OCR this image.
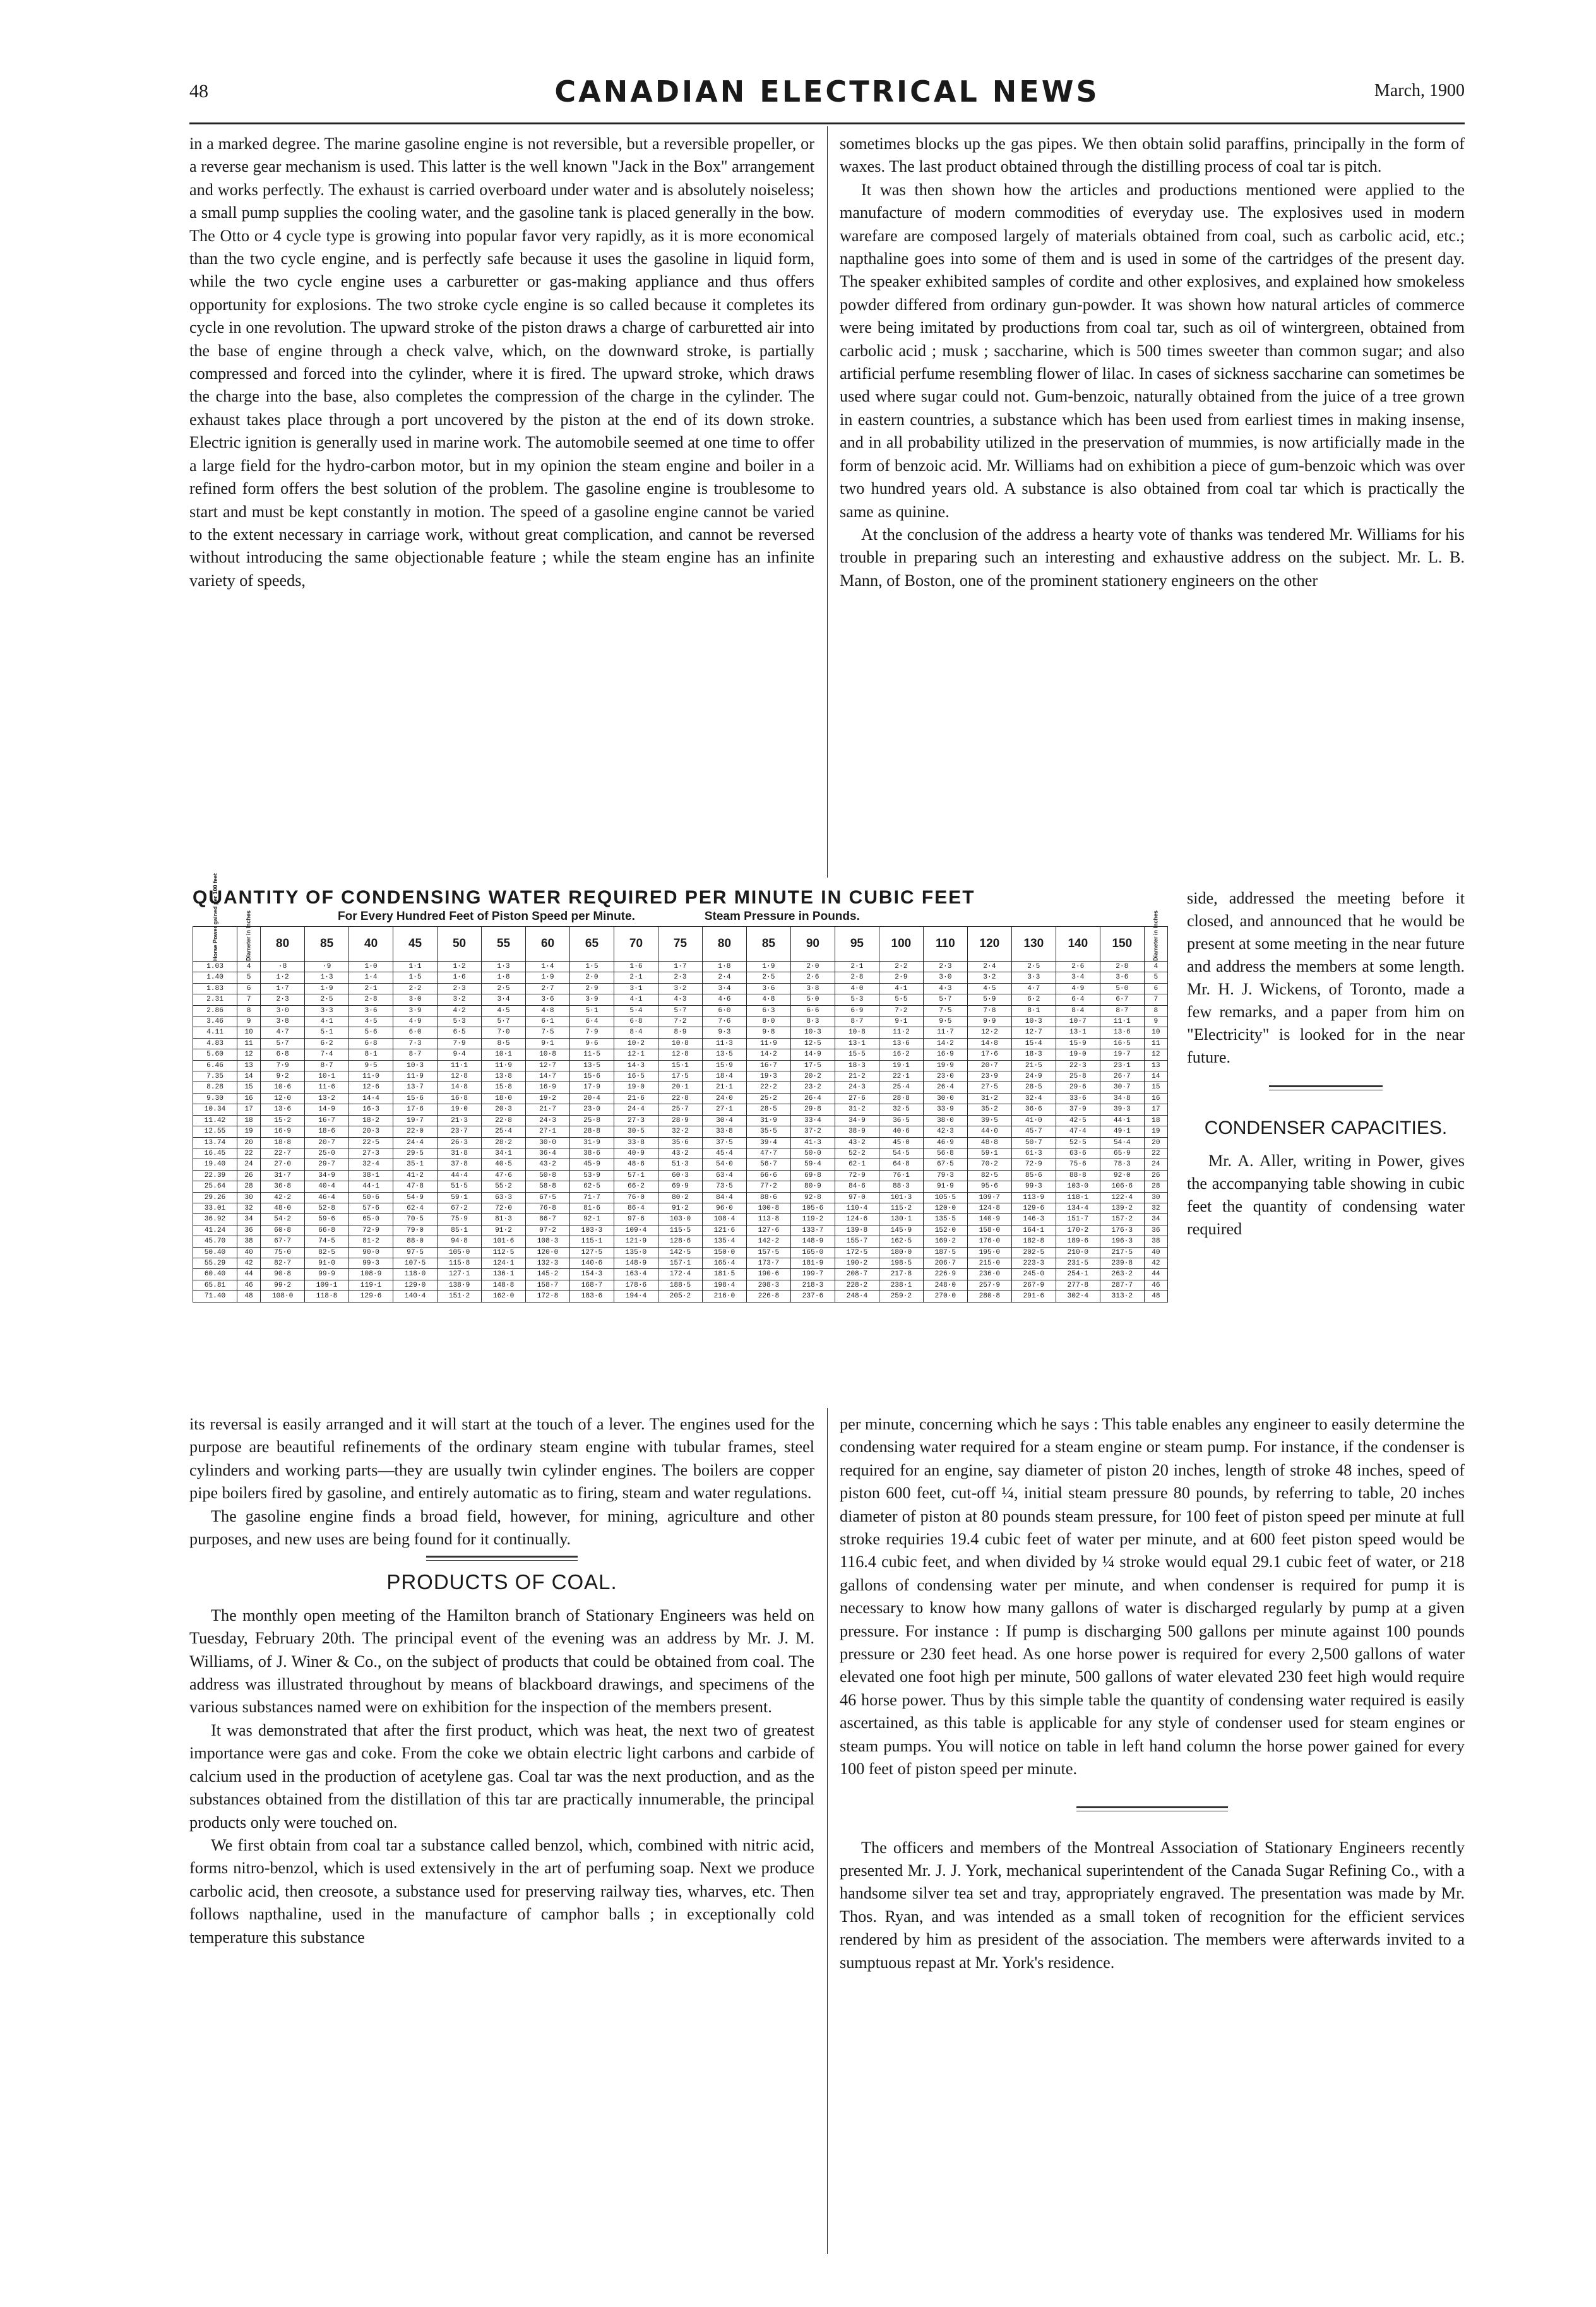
48	CANADIAN ELECTRICAL NEWS	March, 1900

in a marked degree. The marine gasoline engine is not reversible, but a reversible propeller, or a reverse gear mechanism is used. This latter is the well known "Jack in the Box" arrangement and works perfectly. The exhaust is carried overboard under water and is absolutely noiseless; a small pump supplies the cooling water, and the gasoline tank is placed generally in the bow. The Otto or 4 cycle type is growing into popular favor very rapidly, as it is more economical than the two cycle engine, and is perfectly safe because it uses the gasoline in liquid form, while the two cycle engine uses a carburetter or gas-making appliance and thus offers opportunity for explosions. The two stroke cycle engine is so called because it completes its cycle in one revolution. The upward stroke of the piston draws a charge of carburetted air into the base of engine through a check valve, which, on the downward stroke, is partially compressed and forced into the cylinder, where it is fired. The upward stroke, which draws the charge into the base, also completes the compression of the charge in the cylinder. The exhaust takes place through a port uncovered by the piston at the end of its down stroke. Electric ignition is generally used in marine work. The automobile seemed at one time to offer a large field for the hydro-carbon motor, but in my opinion the steam engine and boiler in a refined form offers the best solution of the problem. The gasoline engine is troublesome to start and must be kept constantly in motion. The speed of a gasoline engine cannot be varied to the extent necessary in carriage work, without great complication, and cannot be reversed without introducing the same objectionable feature ; while the steam engine has an infinite variety of speeds,

sometimes blocks up the gas pipes. We then obtain solid paraffins, principally in the form of waxes. The last product obtained through the distilling process of coal tar is pitch.

It was then shown how the articles and productions mentioned were applied to the manufacture of modern commodities of everyday use. The explosives used in modern warefare are composed largely of materials obtained from coal, such as carbolic acid, etc.; napthaline goes into some of them and is used in some of the cartridges of the present day. The speaker exhibited samples of cordite and other explosives, and explained how smokeless powder differed from ordinary gun-powder. It was shown how natural articles of commerce were being imitated by productions from coal tar, such as oil of wintergreen, obtained from carbolic acid ; musk ; saccharine, which is 500 times sweeter than common sugar; and also artificial perfume resembling flower of lilac. In cases of sickness saccharine can sometimes be used where sugar could not. Gum-benzoic, naturally obtained from the juice of a tree grown in eastern countries, a substance which has been used from earliest times in making insense, and in all probability utilized in the preservation of mummies, is now artificially made in the form of benzoic acid. Mr. Williams had on exhibition a piece of gum-benzoic which was over two hundred years old. A substance is also obtained from coal tar which is practically the same as quinine.

At the conclusion of the address a hearty vote of thanks was tendered Mr. Williams for his trouble in preparing such an interesting and exhaustive address on the subject. Mr. L. B. Mann, of Boston, one of the prominent stationery engineers on the other

QUANTITY OF CONDENSING WATER REQUIRED PER MINUTE IN CUBIC FEET
For Every Hundred Feet of Piston Speed per Minute.	Steam Pressure in Pounds.
Horse Power gained per 100 feet	Diameter in Inches	80	85	40	45	50	55	60	65	70	75	80	85	90	95	100	110	120	130	140	150	Diameter in Inches
1.03	4	·8	·9	1·0	1·1	1·2	1·3	1·4	1·5	1·6	1·7	1·8	1·9	2·0	2·1	2·2	2·3	2·4	2·5	2·6	2·8	4
1.40	5	1·2	1·3	1·4	1·5	1·6	1·8	1·9	2·0	2·1	2·3	2·4	2·5	2·6	2·8	2·9	3·0	3·2	3·3	3·4	3·6	5
1.83	6	1·7	1·9	2·1	2·2	2·3	2·5	2·7	2·9	3·1	3·2	3·4	3·6	3·8	4·0	4·1	4·3	4·5	4·7	4·9	5·0	6
2.31	7	2·3	2·5	2·8	3·0	3·2	3·4	3·6	3·9	4·1	4·3	4·6	4·8	5·0	5·3	5·5	5·7	5·9	6·2	6·4	6·7	7
2.86	8	3·0	3·3	3·6	3·9	4·2	4·5	4·8	5·1	5·4	5·7	6·0	6·3	6·6	6·9	7·2	7·5	7·8	8·1	8·4	8·7	8
3.46	9	3·8	4·1	4·5	4·9	5·3	5·7	6·1	6·4	6·8	7·2	7·6	8·0	8·3	8·7	9·1	9·5	9·9	10·3	10·7	11·1	9
4.11	10	4·7	5·1	5·6	6·0	6·5	7·0	7·5	7·9	8·4	8·9	9·3	9·8	10·3	10·8	11·2	11·7	12·2	12·7	13·1	13·6	10
4.83	11	5·7	6·2	6·8	7·3	7·9	8·5	9·1	9·6	10·2	10·8	11·3	11·9	12·5	13·1	13·6	14·2	14·8	15·4	15·9	16·5	11
5.60	12	6·8	7·4	8·1	8·7	9·4	10·1	10·8	11·5	12·1	12·8	13·5	14·2	14·9	15·5	16·2	16·9	17·6	18·3	19·0	19·7	12
6.46	13	7·9	8·7	9·5	10·3	11·1	11·9	12·7	13·5	14·3	15·1	15·9	16·7	17·5	18·3	19·1	19·9	20·7	21·5	22·3	23·1	13
7.35	14	9·2	10·1	11·0	11·9	12·8	13·8	14·7	15·6	16·5	17·5	18·4	19·3	20·2	21·2	22·1	23·0	23·9	24·9	25·8	26·7	14
8.28	15	10·6	11·6	12·6	13·7	14·8	15·8	16·9	17·9	19·0	20·1	21·1	22·2	23·2	24·3	25·4	26·4	27·5	28·5	29·6	30·7	15
9.30	16	12·0	13·2	14·4	15·6	16·8	18·0	19·2	20·4	21·6	22·8	24·0	25·2	26·4	27·6	28·8	30·0	31·2	32·4	33·6	34·8	16
10.34	17	13·6	14·9	16·3	17·6	19·0	20·3	21·7	23·0	24·4	25·7	27·1	28·5	29·8	31·2	32·5	33·9	35·2	36·6	37·9	39·3	17
11.42	18	15·2	16·7	18·2	19·7	21·3	22·8	24·3	25·8	27·3	28·9	30·4	31·9	33·4	34·9	36·5	38·0	39·5	41·0	42·5	44·1	18
12.55	19	16·9	18·6	20·3	22·0	23·7	25·4	27·1	28·8	30·5	32·2	33·8	35·5	37·2	38·9	40·6	42·3	44·0	45·7	47·4	49·1	19
13.74	20	18·8	20·7	22·5	24·4	26·3	28·2	30·0	31·9	33·8	35·6	37·5	39·4	41·3	43·2	45·0	46·9	48·8	50·7	52·5	54·4	20
16.45	22	22·7	25·0	27·3	29·5	31·8	34·1	36·4	38·6	40·9	43·2	45·4	47·7	50·0	52·2	54·5	56·8	59·1	61·3	63·6	65·9	22
19.40	24	27·0	29·7	32·4	35·1	37·8	40·5	43·2	45·9	48·6	51·3	54·0	56·7	59·4	62·1	64·8	67·5	70·2	72·9	75·6	78·3	24
22.39	26	31·7	34·9	38·1	41·2	44·4	47·6	50·8	53·9	57·1	60·3	63·4	66·6	69·8	72·9	76·1	79·3	82·5	85·6	88·8	92·0	26
25.64	28	36·8	40·4	44·1	47·8	51·5	55·2	58·8	62·5	66·2	69·9	73·5	77·2	80·9	84·6	88·3	91·9	95·6	99·3	103·0	106·6	28
29.26	30	42·2	46·4	50·6	54·9	59·1	63·3	67·5	71·7	76·0	80·2	84·4	88·6	92·8	97·0	101·3	105·5	109·7	113·9	118·1	122·4	30
33.01	32	48·0	52·8	57·6	62·4	67·2	72·0	76·8	81·6	86·4	91·2	96·0	100·8	105·6	110·4	115·2	120·0	124·8	129·6	134·4	139·2	32
36.92	34	54·2	59·6	65·0	70·5	75·9	81·3	86·7	92·1	97·6	103·0	108·4	113·8	119·2	124·6	130·1	135·5	140·9	146·3	151·7	157·2	34
41.24	36	60·8	66·8	72·9	79·0	85·1	91·2	97·2	103·3	109·4	115·5	121·6	127·6	133·7	139·8	145·9	152·0	158·0	164·1	170·2	176·3	36
45.70	38	67·7	74·5	81·2	88·0	94·8	101·6	108·3	115·1	121·9	128·6	135·4	142·2	148·9	155·7	162·5	169·2	176·0	182·8	189·6	196·3	38
50.40	40	75·0	82·5	90·0	97·5	105·0	112·5	120·0	127·5	135·0	142·5	150·0	157·5	165·0	172·5	180·0	187·5	195·0	202·5	210·0	217·5	40
55.29	42	82·7	91·0	99·3	107·5	115·8	124·1	132·3	140·6	148·9	157·1	165·4	173·7	181·9	190·2	198·5	206·7	215·0	223·3	231·5	239·8	42
60.40	44	90·8	99·9	108·9	118·0	127·1	136·1	145·2	154·3	163·4	172·4	181·5	190·6	199·7	208·7	217·8	226·9	236·0	245·0	254·1	263·2	44
65.81	46	99·2	109·1	119·1	129·0	138·9	148·8	158·7	168·7	178·6	188·5	198·4	208·3	218·3	228·2	238·1	248·0	257·9	267·9	277·8	287·7	46
71.40	48	108·0	118·8	129·6	140·4	151·2	162·0	172·8	183·6	194·4	205·2	216·0	226·8	237·6	248·4	259·2	270·0	280·8	291·6	302·4	313·2	48
side, addressed the meeting before it closed, and announced that he would be present at some meeting in the near future and address the members at some length. Mr. H. J. Wickens, of Toronto, made a few remarks, and a paper from him on "Electricity" is looked for in the near future.
CONDENSER CAPACITIES.
Mr. A. Aller, writing in Power, gives the accompanying table showing in cubic feet the quantity of condensing water required

its reversal is easily arranged and it will start at the touch of a lever. The engines used for the purpose are beautiful refinements of the ordinary steam engine with tubular frames, steel cylinders and working parts—they are usually twin cylinder engines. The boilers are copper pipe boilers fired by gasoline, and entirely automatic as to firing, steam and water regulations.

The gasoline engine finds a broad field, however, for mining, agriculture and other purposes, and new uses are being found for it continually.

PRODUCTS OF COAL.

The monthly open meeting of the Hamilton branch of Stationary Engineers was held on Tuesday, February 20th. The principal event of the evening was an address by Mr. J. M. Williams, of J. Winer & Co., on the subject of products that could be obtained from coal. The address was illustrated throughout by means of blackboard drawings, and specimens of the various substances named were on exhibition for the inspection of the members present.

It was demonstrated that after the first product, which was heat, the next two of greatest importance were gas and coke. From the coke we obtain electric light carbons and carbide of calcium used in the production of acetylene gas. Coal tar was the next production, and as the substances obtained from the distillation of this tar are practically innumerable, the principal products only were touched on.

We first obtain from coal tar a substance called benzol, which, combined with nitric acid, forms nitro-benzol, which is used extensively in the art of perfuming soap. Next we produce carbolic acid, then creosote, a substance used for preserving railway ties, wharves, etc. Then follows napthaline, used in the manufacture of camphor balls ; in exceptionally cold temperature this substance

per minute, concerning which he says : This table enables any engineer to easily determine the condensing water required for a steam engine or steam pump. For instance, if the condenser is required for an engine, say diameter of piston 20 inches, length of stroke 48 inches, speed of piston 600 feet, cut-off ¼, initial steam pressure 80 pounds, by referring to table, 20 inches diameter of piston at 80 pounds steam pressure, for 100 feet of piston speed per minute at full stroke requiries 19.4 cubic feet of water per minute, and at 600 feet piston speed would be 116.4 cubic feet, and when divided by ¼ stroke would equal 29.1 cubic feet of water, or 218 gallons of condensing water per minute, and when condenser is required for pump it is necessary to know how many gallons of water is discharged regularly by pump at a given pressure. For instance : If pump is discharging 500 gallons per minute against 100 pounds pressure or 230 feet head. As one horse power is required for every 2,500 gallons of water elevated one foot high per minute, 500 gallons of water elevated 230 feet high would require 46 horse power. Thus by this simple table the quantity of condensing water required is easily ascertained, as this table is applicable for any style of condenser used for steam engines or steam pumps. You will notice on table in left hand column the horse power gained for every 100 feet of piston speed per minute.

The officers and members of the Montreal Association of Stationary Engineers recently presented Mr. J. J. York, mechanical superintendent of the Canada Sugar Refining Co., with a handsome silver tea set and tray, appropriately engraved. The presentation was made by Mr. Thos. Ryan, and was intended as a small token of recognition for the efficient services rendered by him as president of the association. The members were afterwards invited to a sumptuous repast at Mr. York's residence.
